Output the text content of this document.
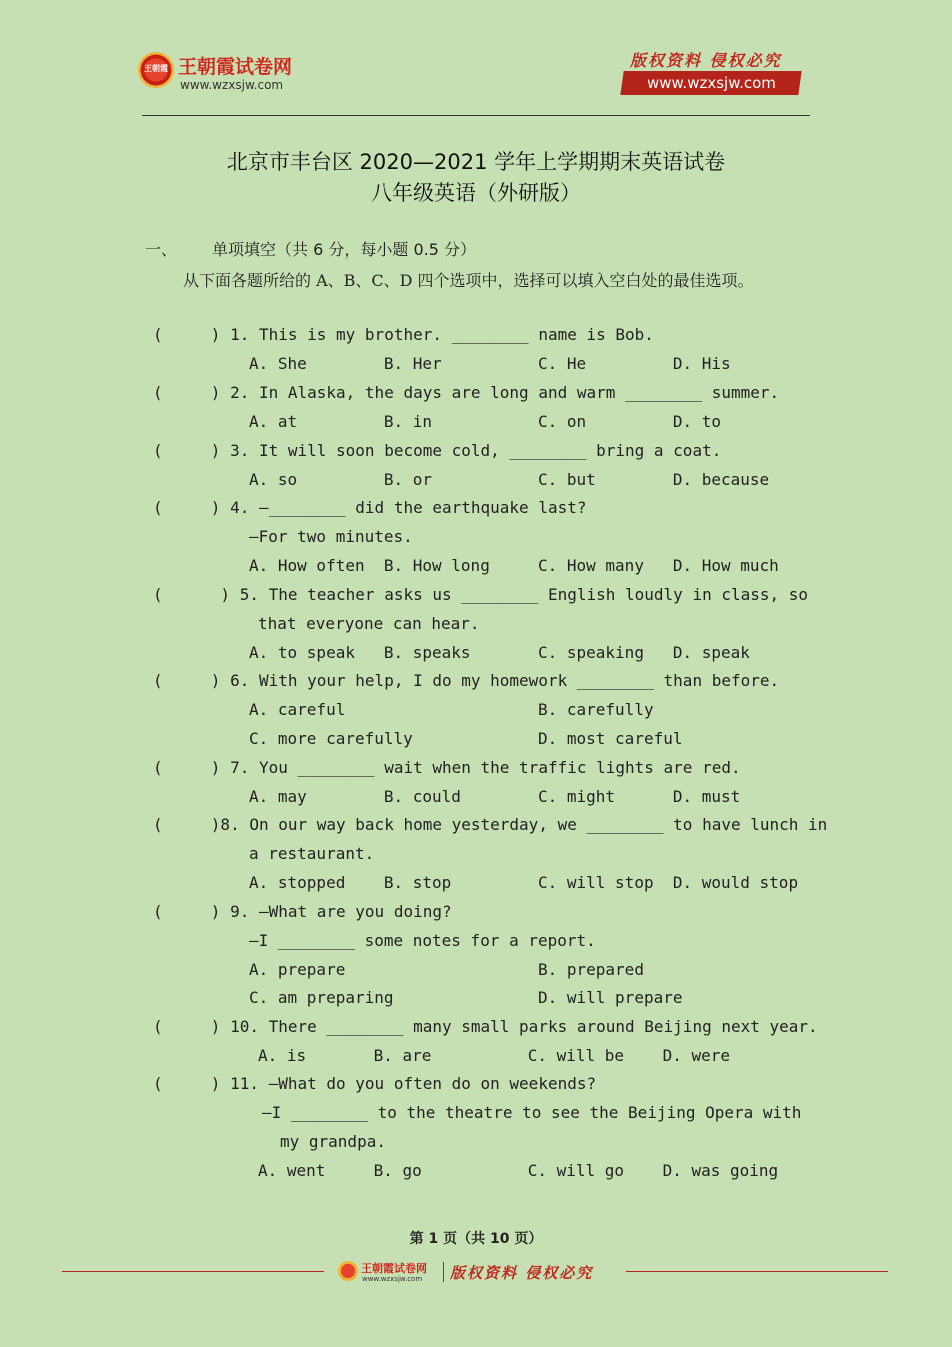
王朝霞 王朝霞试卷网
www.wzxsjw.com
版权资料 侵权必究
www.wzxsjw.com
北京市丰台区 2020—2021 学年上学期期末英语试卷
八年级英语（外研版）
一、 单项填空（共 6 分，每小题 0.5 分）
从下面各题所给的 A、B、C、D 四个选项中，选择可以填入空白处的最佳选项。
(     ) 1. This is my brother. ________ name is Bob.
A. She        B. Her          C. He         D. His
(     ) 2. In Alaska, the days are long and warm ________ summer.
A. at         B. in           C. on         D. to
(     ) 3. It will soon become cold, ________ bring a coat.
A. so         B. or           C. but        D. because
(     ) 4. —________ did the earthquake last?
—For two minutes.
A. How often  B. How long     C. How many   D. How much
(      ) 5. The teacher asks us ________ English loudly in class, so
that everyone can hear.
A. to speak   B. speaks       C. speaking   D. speak
(     ) 6. With your help, I do my homework ________ than before.
A. careful                    B. carefully
C. more carefully             D. most careful
(     ) 7. You ________ wait when the traffic lights are red.
A. may        B. could        C. might      D. must
(     )8. On our way back home yesterday, we ________ to have lunch in
a restaurant.
A. stopped    B. stop         C. will stop  D. would stop
(     ) 9. —What are you doing?
—I ________ some notes for a report.
A. prepare                    B. prepared
C. am preparing               D. will prepare
(     ) 10. There ________ many small parks around Beijing next year.
A. is       B. are          C. will be    D. were
(     ) 11. —What do you often do on weekends?
—I ________ to the theatre to see the Beijing Opera with
my grandpa.
A. went     B. go           C. will go    D. was going
第 1 页（共 10 页）
王朝霞试卷网
www.wzxsjw.com 版权资料 侵权必究
